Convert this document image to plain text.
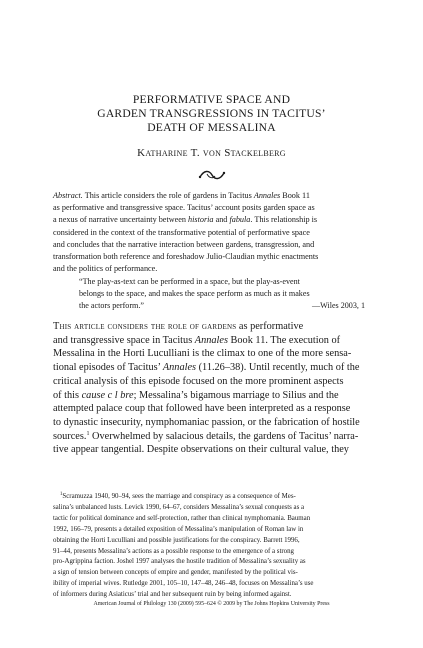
PERFORMATIVE SPACE AND
GARDEN TRANSGRESSIONS IN TACITUS’
DEATH OF MESSALINA
Katharine T. von Stackelberg
Abstract. This article considers the role of gardens in Tacitus Annales Book 11
as performative and transgressive space. Tacitus’ account posits garden space as
a nexus of narrative uncertainty between historia and fabula. This relationship is
considered in the context of the transformative potential of performative space
and concludes that the narrative interaction between gardens, transgression, and
transformation both reference and foreshadow Julio-Claudian mythic enactments
and the politics of performance.
“The play-as-text can be performed in a space, but the play-as-event
belongs to the space, and makes the space perform as much as it makes
the actors perform.”	—Wiles 2003, 1
This article considers the role of gardens as performative
and transgressive space in Tacitus Annales Book 11. The execution of
Messalina in the Horti Luculliani is the climax to one of the more sensa-
tional episodes of Tacitus’ Annales (11.26–38). Until recently, much of the
critical analysis of this episode focused on the more prominent aspects
of this cause c l bre; Messalina’s bigamous marriage to Silius and the
attempted palace coup that followed have been interpreted as a response
to dynastic insecurity, nymphomaniac passion, or the fabrication of hostile
sources.$^1$ Overwhelmed by salacious details, the gardens of Tacitus’ narra-
tive appear tangential. Despite observations on their cultural value, they
 $^1$Scramuzza 1940, 90–94, sees the marriage and conspiracy as a consequence of Mes-
salina’s unbalanced lusts. Levick 1990, 64–67, considers Messalina’s sexual conquests as a
tactic for political dominance and self-protection, rather than clinical nymphomania. Bauman
1992, 166–79, presents a detailed exposition of Messalina’s manipulation of Roman law in
obtaining the Horti Luculliani and possible justifications for the conspiracy. Barrett 1996,
91–44, presents Messalina’s actions as a possible response to the emergence of a strong
pro-Agrippina faction. Joshel 1997 analyses the hostile tradition of Messalina’s sexuality as
a sign of tension between concepts of empire and gender, manifested by the political vis-
ibility of imperial wives. Rutledge 2001, 105–10, 147–48, 246–48, focuses on Messalina’s use
of informers during Asiaticus’ trial and her subsequent ruin by being informed against.
American Journal of Philology 130 (2009) 595–624 © 2009 by The Johns Hopkins University Press
